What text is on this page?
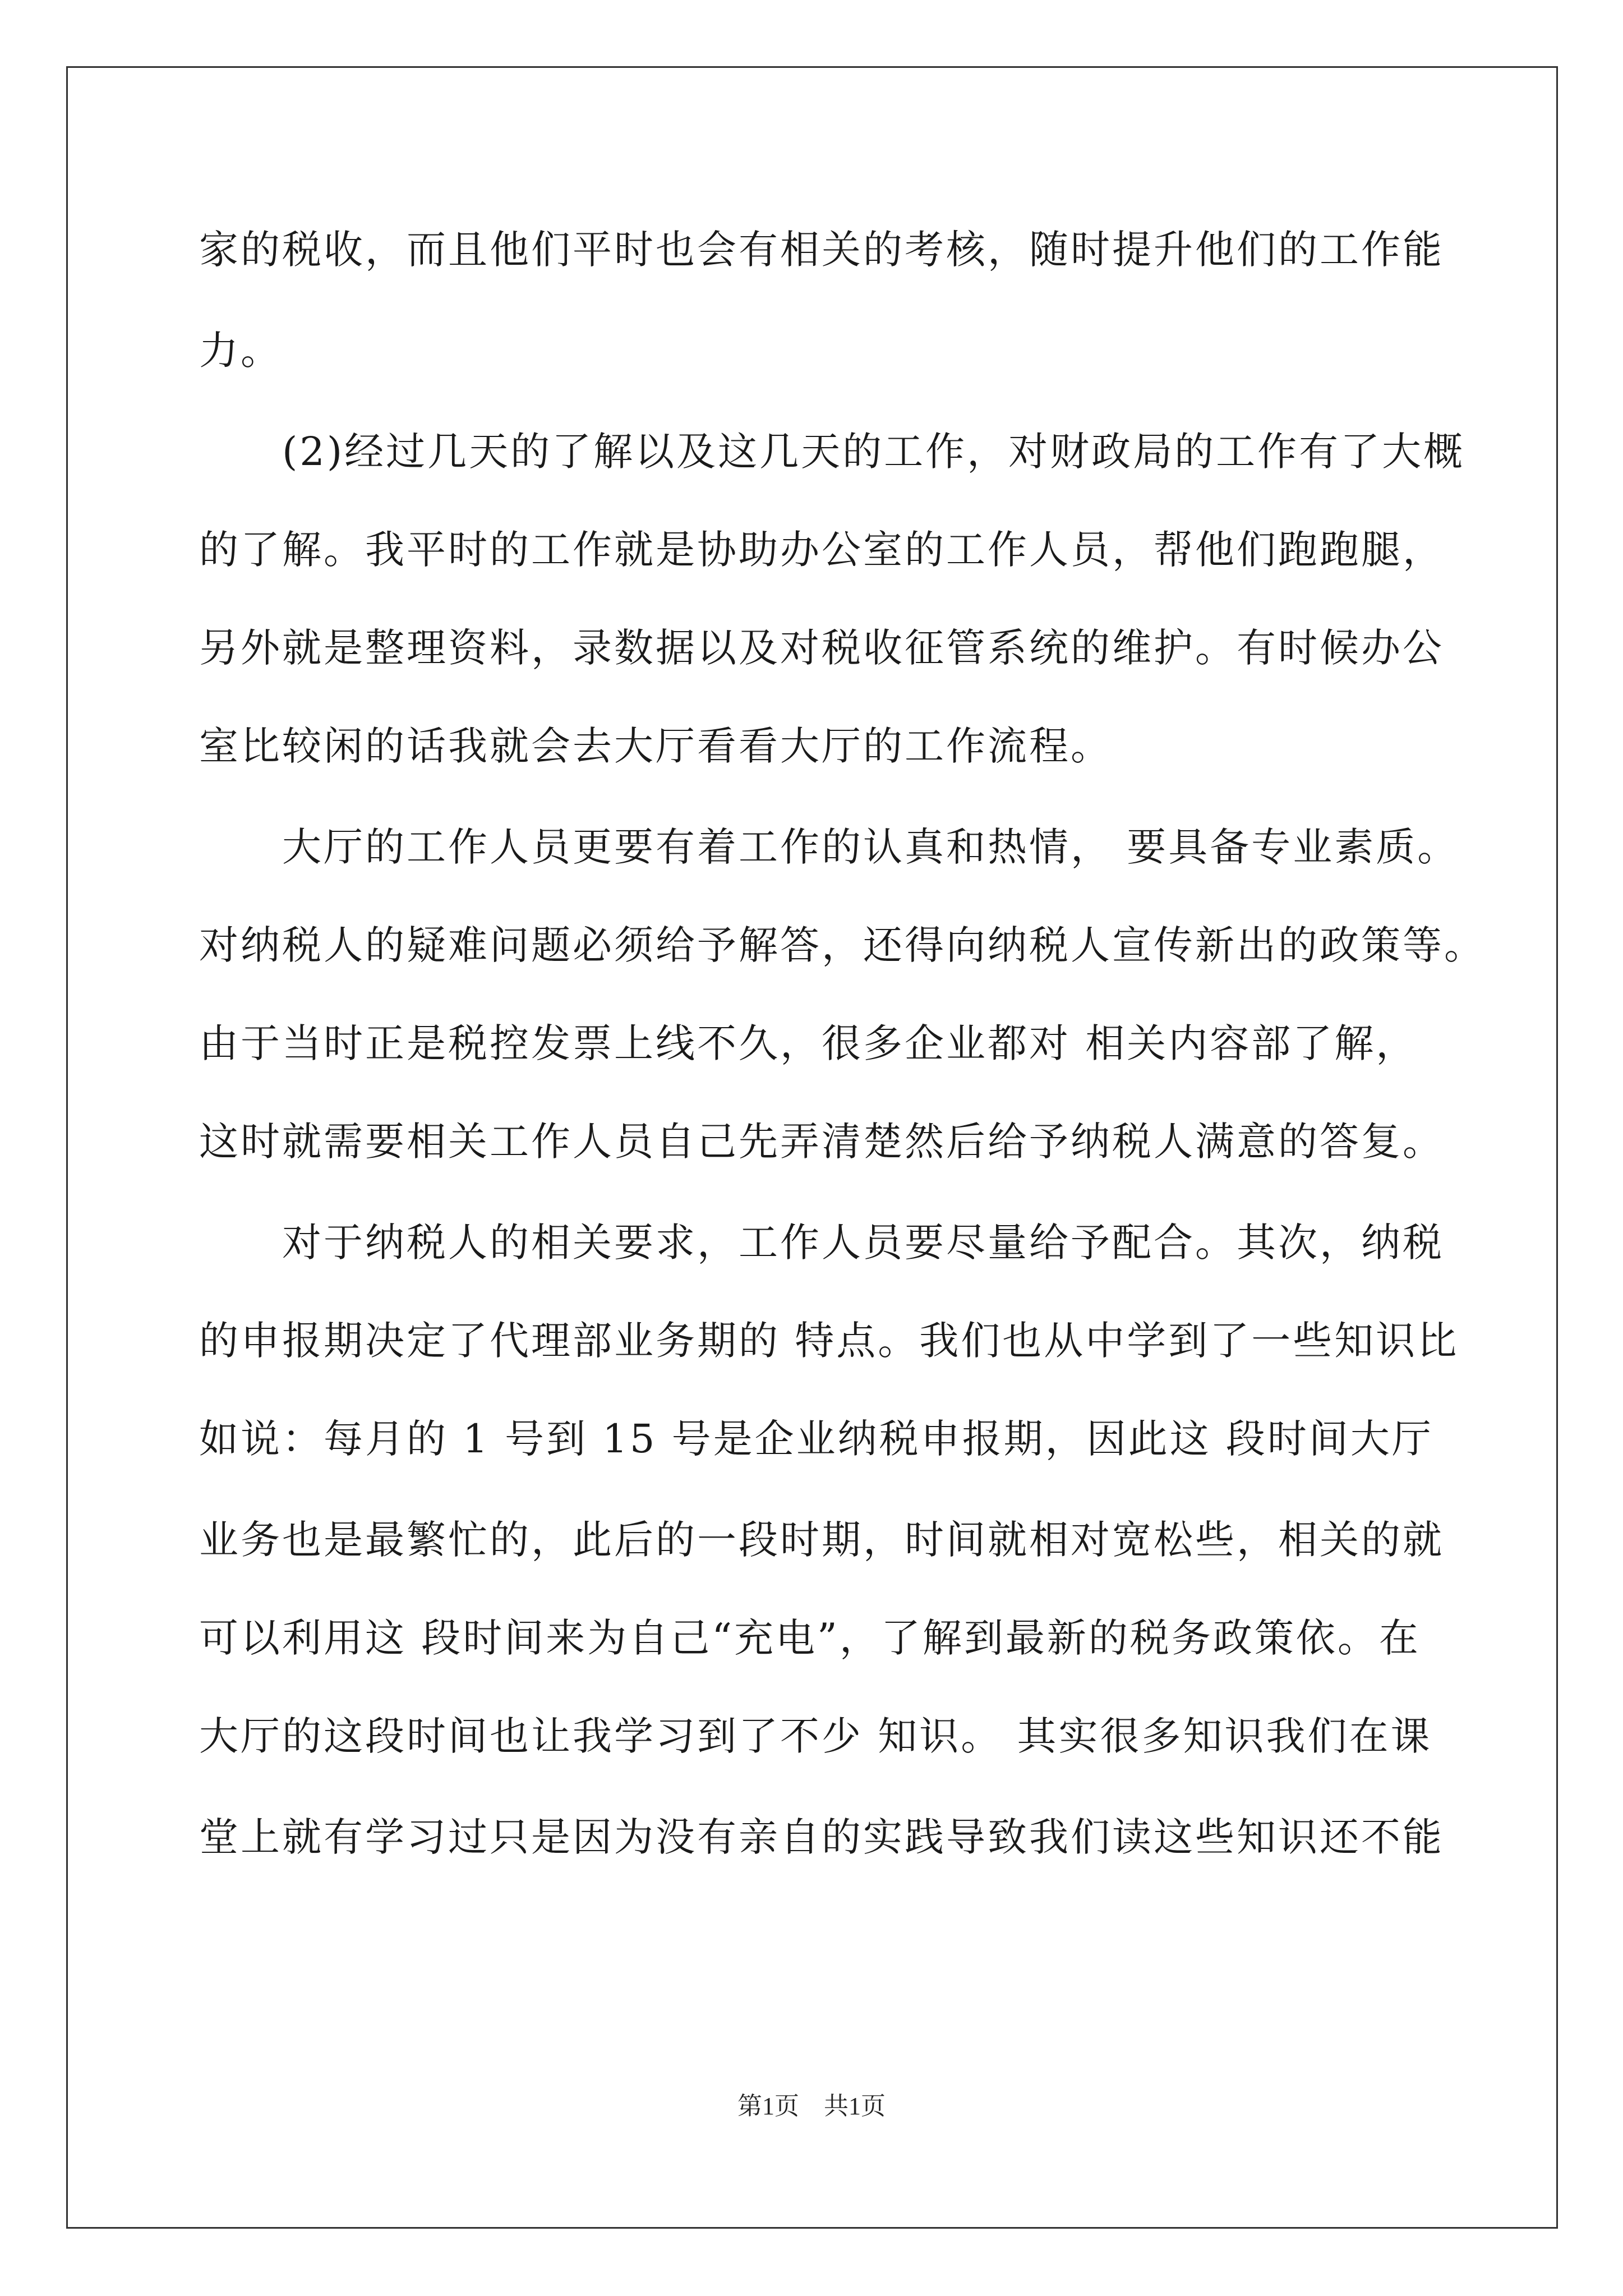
家的税收，而且他们平时也会有相关的考核，随时提升他们的工作能
力。
　　(2)经过几天的了解以及这几天的工作，对财政局的工作有了大概
的了解。我平时的工作就是协助办公室的工作人员，帮他们跑跑腿，
另外就是整理资料，录数据以及对税收征管系统的维护。有时候办公
室比较闲的话我就会去大厅看看大厅的工作流程。
　　大厅的工作人员更要有着工作的认真和热情， 要具备专业素质。
对纳税人的疑难问题必须给予解答，还得向纳税人宣传新出的政策等。
由于当时正是税控发票上线不久，很多企业都对 相关内容部了解，
这时就需要相关工作人员自己先弄清楚然后给予纳税人满意的答复。
　　对于纳税人的相关要求，工作人员要尽量给予配合。其次，纳税
的申报期决定了代理部业务期的 特点。我们也从中学到了一些知识比
如说：每月的 1 号到 15 号是企业纳税申报期，因此这 段时间大厅
业务也是最繁忙的，此后的一段时期，时间就相对宽松些，相关的就
可以利用这 段时间来为自己“充电”，了解到最新的税务政策依。在
大厅的这段时间也让我学习到了不少 知识。 其实很多知识我们在课
堂上就有学习过只是因为没有亲自的实践导致我们读这些知识还不能
第1页　共1页
